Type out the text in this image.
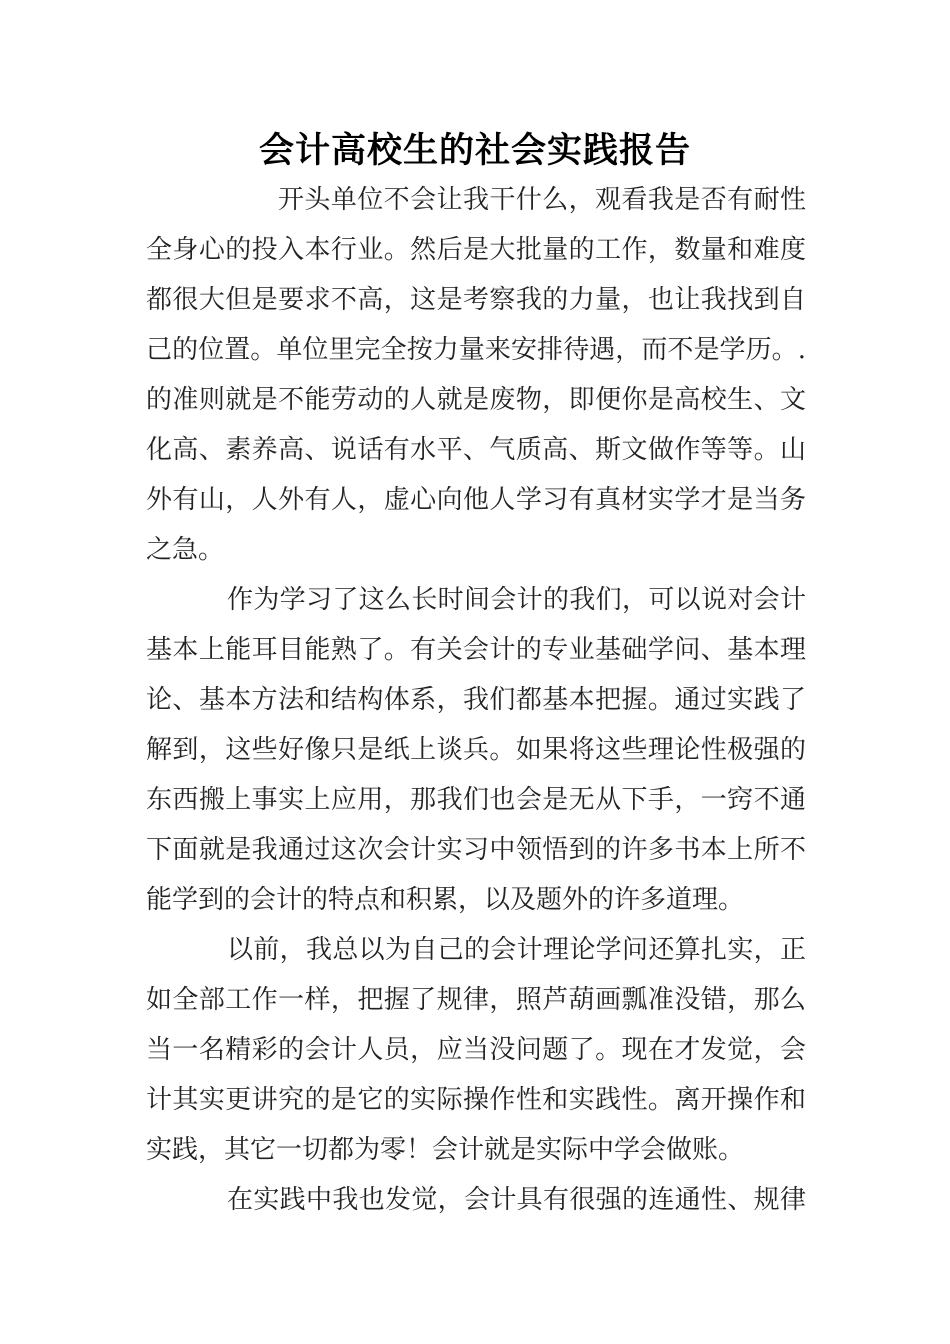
会计高校生的社会实践报告
开头单位不会让我干什么，观看我是否有耐性
全身心的投入本行业。然后是大批量的工作，数量和难度
都很大但是要求不高，这是考察我的力量，也让我找到自
己的位置。单位里完全按力量来安排待遇，而不是学历。.
的准则就是不能劳动的人就是废物，即便你是高校生、文
化高、素养高、说话有水平、气质高、斯文做作等等。山
外有山，人外有人，虚心向他人学习有真材实学才是当务
之急。
作为学习了这么长时间会计的我们，可以说对会计
基本上能耳目能熟了。有关会计的专业基础学问、基本理
论、基本方法和结构体系，我们都基本把握。通过实践了
解到，这些好像只是纸上谈兵。如果将这些理论性极强的
东西搬上事实上应用，那我们也会是无从下手，一窍不通
下面就是我通过这次会计实习中领悟到的许多书本上所不
能学到的会计的特点和积累，以及题外的许多道理。
以前，我总以为自己的会计理论学问还算扎实，正
如全部工作一样，把握了规律，照芦葫画瓢准没错，那么
当一名精彩的会计人员，应当没问题了。现在才发觉，会
计其实更讲究的是它的实际操作性和实践性。离开操作和
实践，其它一切都为零！会计就是实际中学会做账。
在实践中我也发觉，会计具有很强的连通性、规律
